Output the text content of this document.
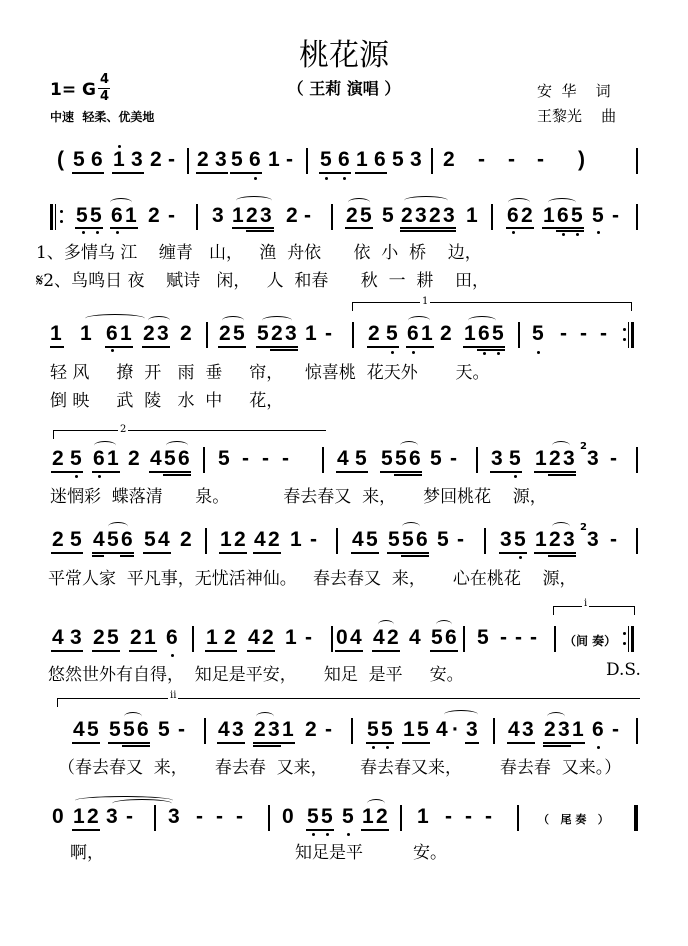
桃花源
（ 王莉 演唱 ）
1= G
4
4
中速  轻柔、优美地
安  华    词
王黎光    曲
( 5 6 1 3 2 - 2 3 5 6 1 - 5 6 1 6 5 3 2 - - - )
5 5 6 1 2 - 3 1 2 3 2 - 2 5 5 2 3 2 3 1 6 2 1 6 5 5 -
1、多情乌 江    缠青   山，   渔  舟依      依  小  桥    边，
𝄋2、鸟鸣日 夜    赋诗   闲，   人  和春      秋  一  耕    田，
1
1 1 6 1 2 3 2 2 5 5 2 3 1 - 2 5 6 1 2 1 6 5 5 - - -
轻 风     撩  开   雨  垂     帘，    惊喜桃  花天外       天。
倒 映     武  陵   水  中     花，
2
2 5 6 1 2 4 5 6 5 - - - 4 5 5 5 6 5 - 3 5 1 2 3
2
3 -
迷惘彩  蝶落清      泉。          春去春又  来，     梦回桃花    源，
2 5 4 5 6 5 4 2 1 2 4 2 1 - 4 5 5 5 6 5 - 3 5 1 2 3
2
3 -
平常人家  平凡事，无忧活神仙。   春去春又  来，     心在桃花    源，
4 3 2 5 2 1 6 1 2 4 2 1 - 0 4 4 2 4 5 6 5 - - -
i
（间 奏）
悠然世外有自得，  知足是平安，     知足  是平     安。	D.S.
ii
4 5 5 5 6 5 - 4 3 2 3 1 2 - 5 5 1 5 4 · 3 4 3 2 3 1 6 -
（春去春又  来，     春去春  又来，      春去春又来，       春去春  又来。）
0 1 2 3 - 3 - - - 0 5 5 5 1 2 1 - - -	（   尾 奏   ）
啊，	知足是平	安。
